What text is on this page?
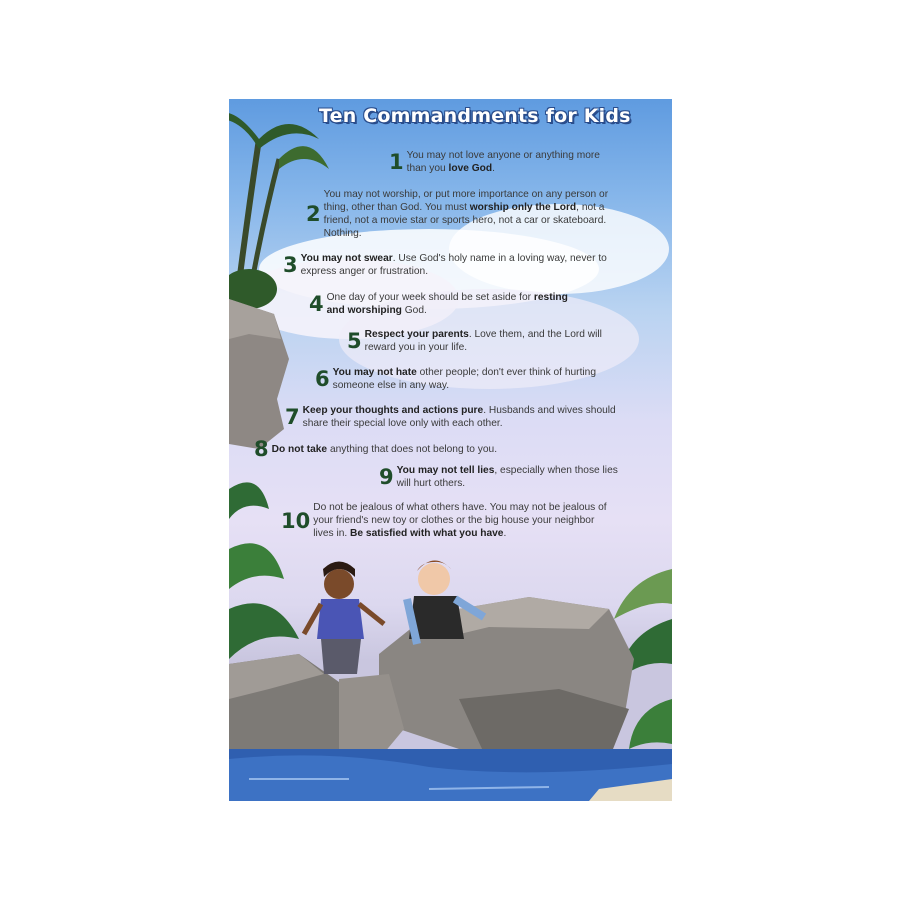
Ten Commandments for Kids
1 You may not love anyone or anything more than you love God.
2
You may not worship, or put more importance on any person or thing, other than God. You must worship only the Lord, not a friend, not a movie star or sports hero, not a car or skateboard. Nothing.
3 You may not swear. Use God's holy name in a loving way, never to express anger or frustration.
4 One day of your week should be set aside for resting and worshiping God.
5 Respect your parents. Love them, and the Lord will reward you in your life.
6 You may not hate other people; don't ever think of hurting someone else in any way.
7 Keep your thoughts and actions pure. Husbands and wives should share their special love only with each other.
8 Do not take anything that does not belong to you.
9 You may not tell lies, especially when those lies will hurt others.
10
Do not be jealous of what others have. You may not be jealous of your friend's new toy or clothes or the big house your neighbor lives in. Be satisfied with what you have.
